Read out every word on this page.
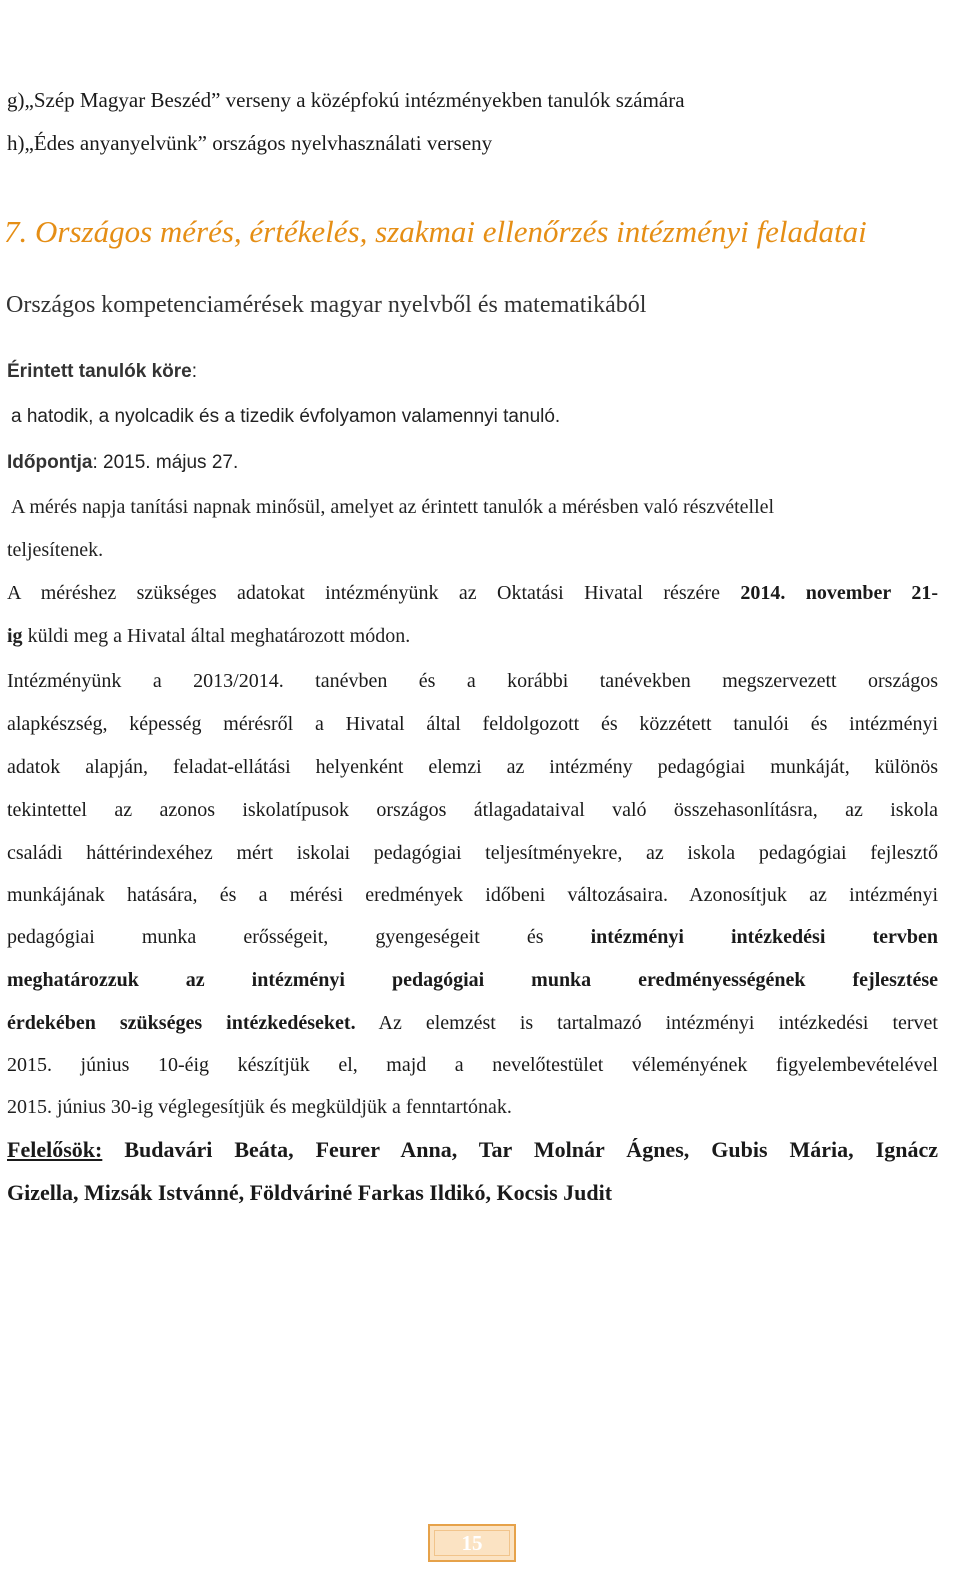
A Budapest IX. Kerületi Weöres Sándor Általános Iskola és Gimnázium éves munkaterve a
2014/2015. tanévre
g)„Szép Magyar Beszéd” verseny a középfokú intézményekben tanulók számára
h)„Édes anyanyelvünk” országos nyelvhasználati verseny
7. Országos mérés, értékelés, szakmai ellenőrzés intézményi feladatai
Országos kompetenciamérések magyar nyelvből és matematikából
Érintett tanulók köre:
a hatodik, a nyolcadik és a tizedik évfolyamon valamennyi tanuló.
Időpontja: 2015. május 27.
A mérés napja tanítási napnak minősül, amelyet az érintett tanulók a mérésben való részvétellel
teljesítenek.
A méréshez szükséges adatokat intézményünk az Oktatási Hivatal részére 2014. november 21-
ig küldi meg a Hivatal által meghatározott módon.
Intézményünk a 2013/2014. tanévben és a korábbi tanévekben megszervezett országos
alapkészség, képesség mérésről a Hivatal által feldolgozott és közzétett tanulói és intézményi
adatok alapján, feladat-ellátási helyenként elemzi az intézmény pedagógiai munkáját, különös
tekintettel az azonos iskolatípusok országos átlagadataival való összehasonlításra, az iskola
családi háttérindexéhez mért iskolai pedagógiai teljesítményekre, az iskola pedagógiai fejlesztő
munkájának hatására, és a mérési eredmények időbeni változásaira. Azonosítjuk az intézményi
pedagógiai munka erősségeit, gyengeségeit és intézményi intézkedési tervben
meghatározzuk az intézményi pedagógiai munka eredményességének fejlesztése
érdekében szükséges intézkedéseket. Az elemzést is tartalmazó intézményi intézkedési tervet
2015. június 10-éig készítjük el, majd a nevelőtestület véleményének figyelembevételével
2015. június 30-ig véglegesítjük és megküldjük a fenntartónak.
Felelősök: Budavári Beáta, Feurer Anna, Tar Molnár Ágnes, Gubis Mária, Ignácz
Gizella, Mizsák Istvánné, Földváriné Farkas Ildikó, Kocsis Judit
15
